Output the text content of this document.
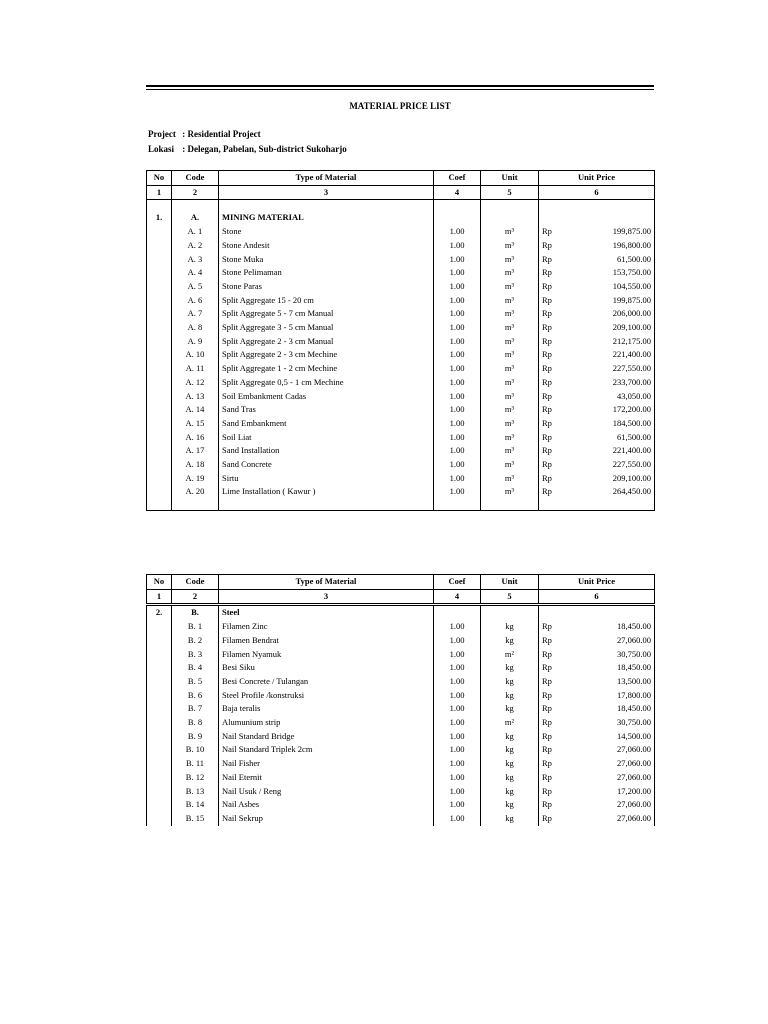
MATERIAL PRICE LIST
Project : Residential Project
Lokasi : Delegan, Pabelan, Sub-district Sukoharjo
No	Code	Type of Material	Coef	Unit	Unit Price
1	2	3	4	5	6

1.	A.	MINING MATERIAL			
	A. 1	Stone	1.00	m³	Rp 199,875.00

	A. 2	Stone Andesit	1.00	m³	Rp 196,800.00

	A. 3	Stone Muka	1.00	m³	Rp 61,500.00

	A. 4	Stone Pelimaman	1.00	m³	Rp 153,750.00

	A. 5	Stone Paras	1.00	m³	Rp 104,550.00

	A. 6	Split Aggregate 15 - 20 cm	1.00	m³	Rp 199,875.00

	A. 7	Split Aggregate 5 - 7 cm Manual	1.00	m³	Rp 206,000.00

	A. 8	Split Aggregate 3 - 5 cm Manual	1.00	m³	Rp 209,100.00

	A. 9	Split Aggregate 2 - 3 cm Manual	1.00	m³	Rp 212,175.00

	A. 10	Split Aggregate 2 - 3 cm Mechine	1.00	m³	Rp 221,400.00

	A. 11	Split Aggregate 1 - 2 cm Mechine	1.00	m³	Rp 227,550.00

	A. 12	Split Aggregate 0,5 - 1 cm Mechine	1.00	m³	Rp 233,700.00

	A. 13	Soil Embankment Cadas	1.00	m³	Rp 43,050.00

	A. 14	Sand Tras	1.00	m³	Rp 172,200.00

	A. 15	Sand Embankment	1.00	m³	Rp 184,500.00

	A. 16	Soil Liat	1.00	m³	Rp 61,500.00

	A. 17	Sand Installation	1.00	m³	Rp 221,400.00

	A. 18	Sand Concrete	1.00	m³	Rp 227,550.00

	A. 19	Sirtu	1.00	m³	Rp 209,100.00

	A. 20	Lime Installation ( Kawur )	1.00	m³	Rp 264,450.00

No	Code	Type of Material	Coef	Unit	Unit Price
1	2	3	4	5	6
2.	B.	Steel			
	B. 1	Filamen Zinc	1.00	kg	Rp 18,450.00

	B. 2	Filamen Bendrat	1.00	kg	Rp 27,060.00

	B. 3	Filamen Nyamuk	1.00	m²	Rp 30,750.00

	B. 4	Besi Siku	1.00	kg	Rp 18,450.00

	B. 5	Besi Concrete / Tulangan	1.00	kg	Rp 13,500.00

	B. 6	Steel Profile /konstruksi	1.00	kg	Rp 17,800.00

	B. 7	Baja teralis	1.00	kg	Rp 18,450.00

	B. 8	Alumunium strip	1.00	m²	Rp 30,750.00

	B. 9	Nail Standard Bridge	1.00	kg	Rp 14,500.00

	B. 10	Nail Standard Triplek 2cm	1.00	kg	Rp 27,060.00

	B. 11	Nail Fisher	1.00	kg	Rp 27,060.00

	B. 12	Nail Eternit	1.00	kg	Rp 27,060.00

	B. 13	Nail Usuk / Reng	1.00	kg	Rp 17,200.00

	B. 14	Nail Asbes	1.00	kg	Rp 27,060.00

	B. 15	Nail Sekrup	1.00	kg	Rp 27,060.00
